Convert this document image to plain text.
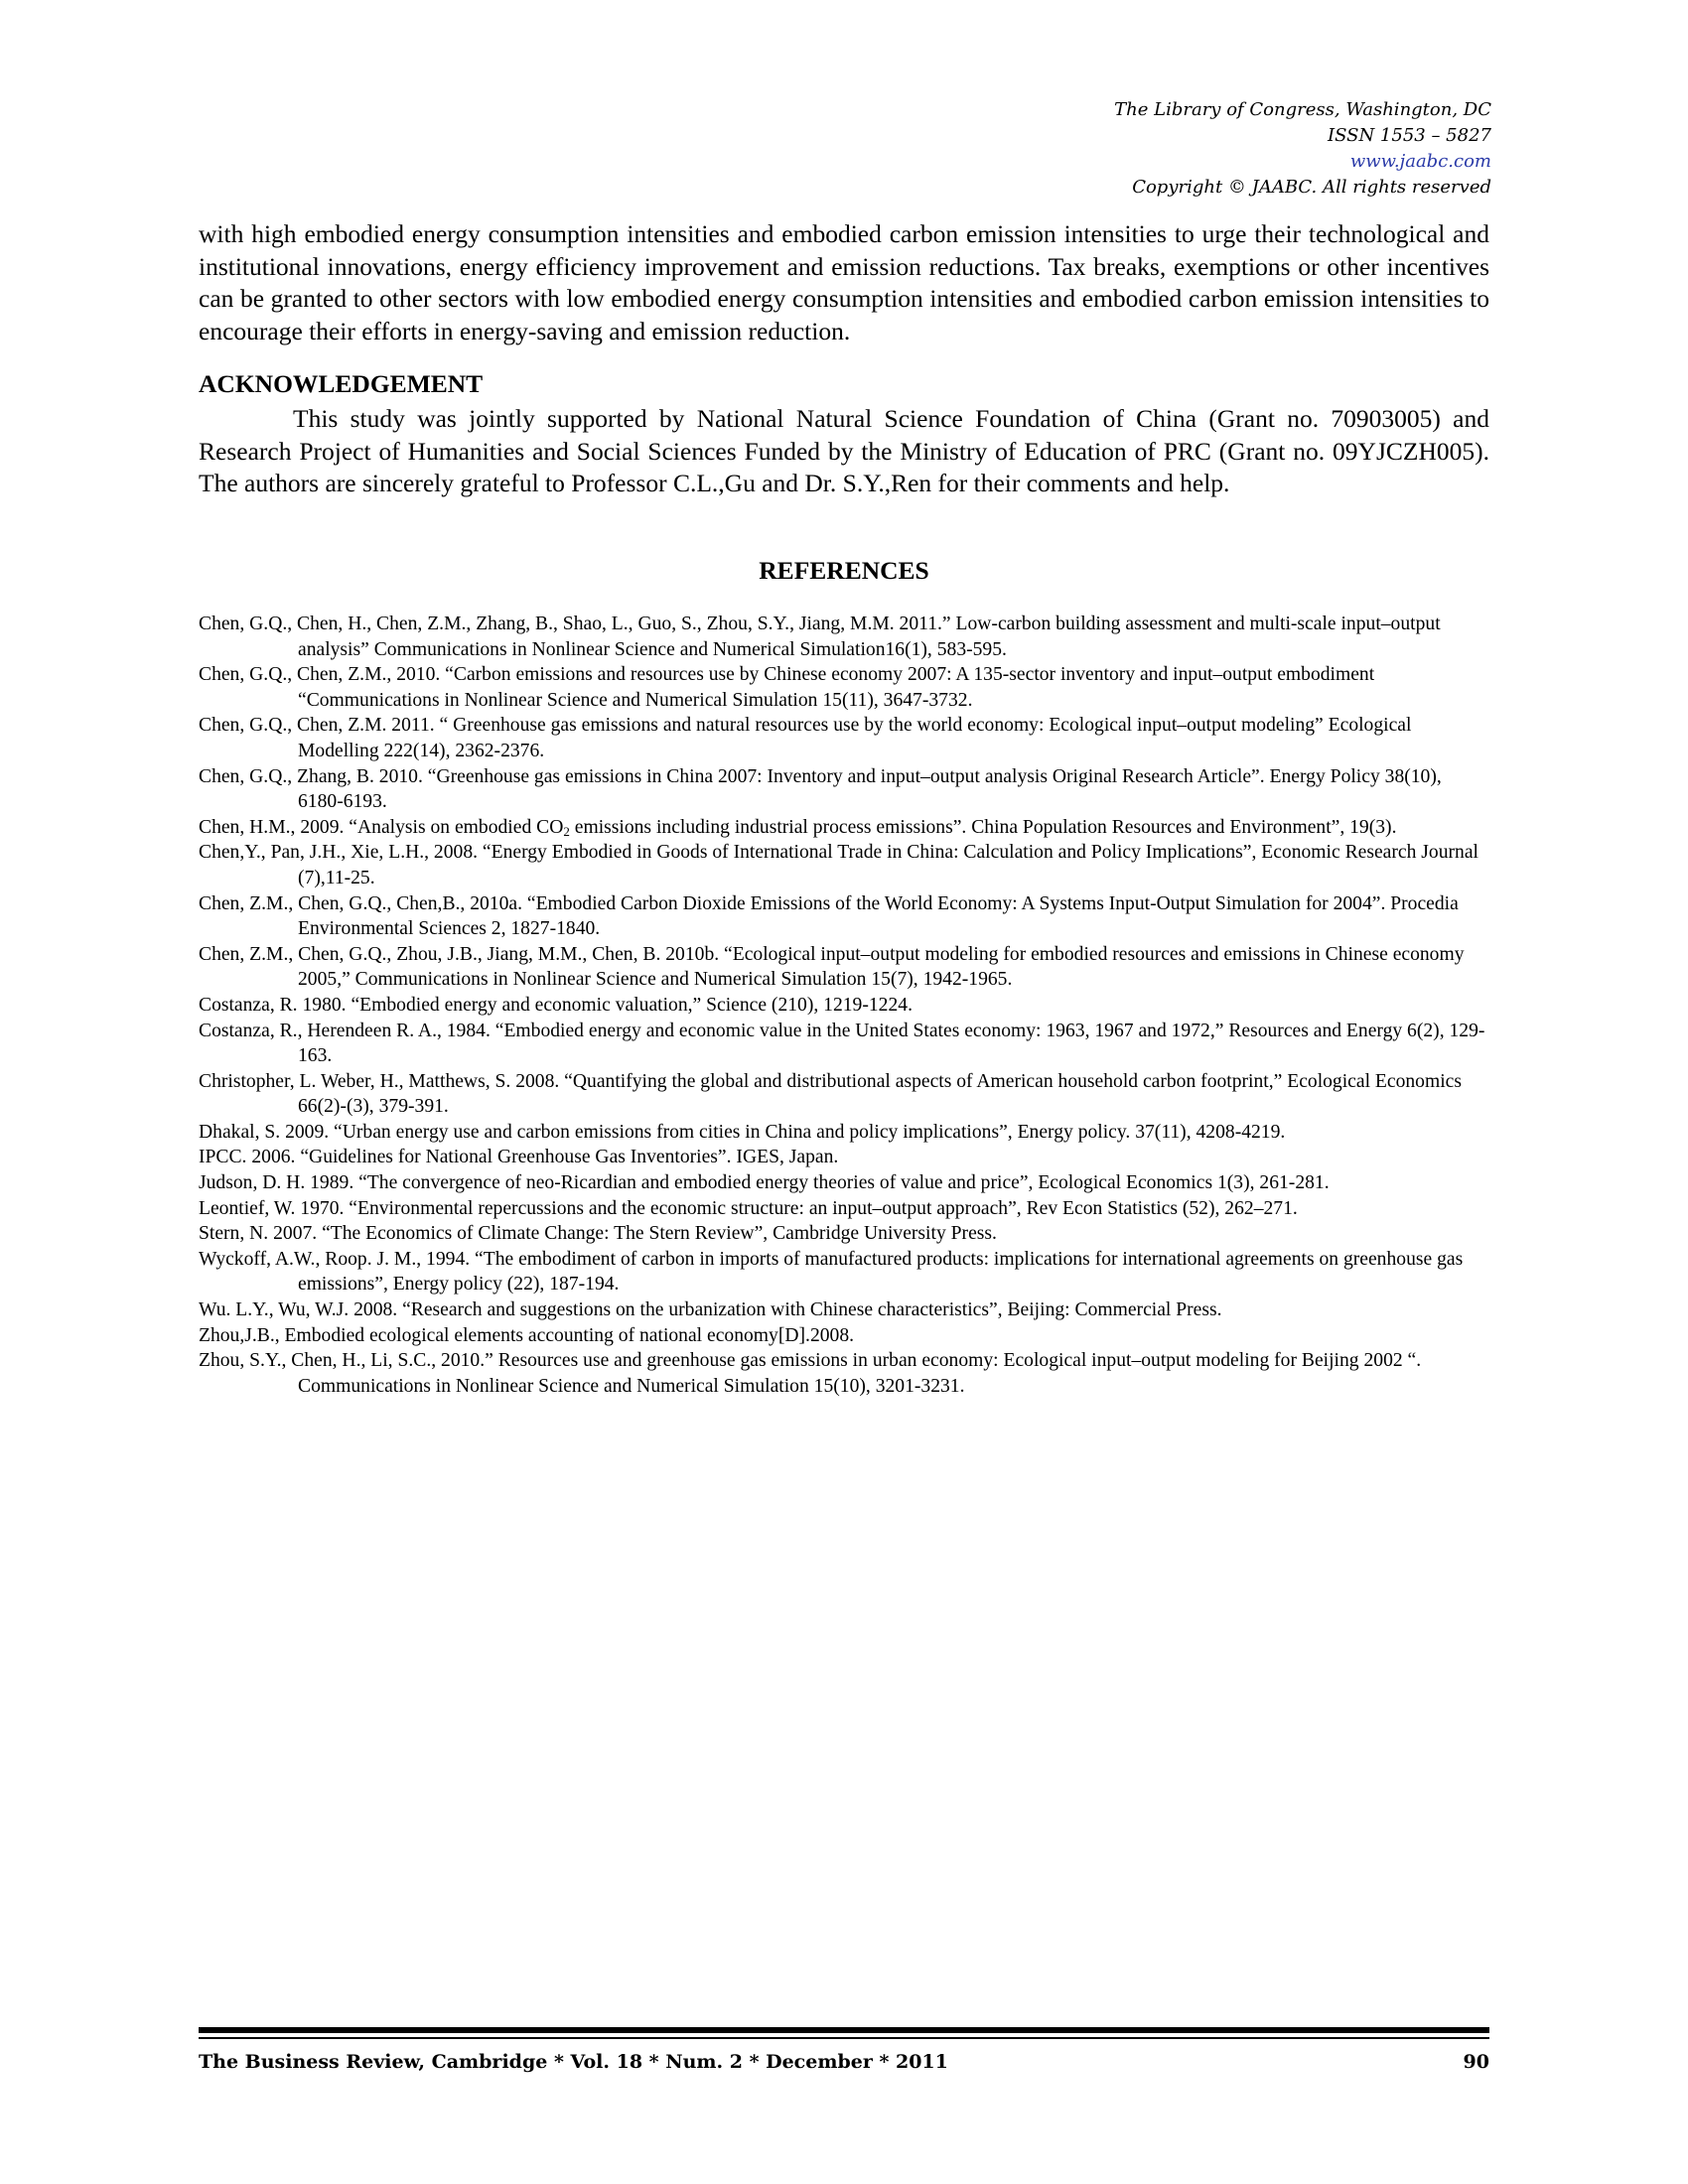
The Library of Congress, Washington, DC
ISSN 1553 – 5827
www.jaabc.com
Copyright © JAABC. All rights reserved
with high embodied energy consumption intensities and embodied carbon emission intensities to urge their technological and institutional innovations, energy efficiency improvement and emission reductions. Tax breaks, exemptions or other incentives can be granted to other sectors with low embodied energy consumption intensities and embodied carbon emission intensities to encourage their efforts in energy-saving and emission reduction.
ACKNOWLEDGEMENT
This study was jointly supported by National Natural Science Foundation of China (Grant no. 70903005) and Research Project of Humanities and Social Sciences Funded by the Ministry of Education of PRC (Grant no. 09YJCZH005). The authors are sincerely grateful to Professor C.L.,Gu and Dr. S.Y.,Ren for their comments and help.
REFERENCES
Chen, G.Q., Chen, H., Chen, Z.M., Zhang, B., Shao, L., Guo, S., Zhou, S.Y., Jiang, M.M. 2011.” Low-carbon building assessment and multi-scale input–output analysis” Communications in Nonlinear Science and Numerical Simulation16(1), 583-595.
Chen, G.Q., Chen, Z.M., 2010. “Carbon emissions and resources use by Chinese economy 2007: A 135-sector inventory and input–output embodiment “Communications in Nonlinear Science and Numerical Simulation 15(11), 3647-3732.
Chen, G.Q., Chen, Z.M. 2011. “ Greenhouse gas emissions and natural resources use by the world economy: Ecological input–output modeling” Ecological Modelling 222(14), 2362-2376.
Chen, G.Q., Zhang, B. 2010. “Greenhouse gas emissions in China 2007: Inventory and input–output analysis Original Research Article”. Energy Policy 38(10), 6180-6193.
Chen, H.M., 2009. “Analysis on embodied $CO_2$ emissions including industrial process emissions”. China Population Resources and Environment”, 19(3).
Chen,Y., Pan, J.H., Xie, L.H., 2008. “Energy Embodied in Goods of International Trade in China: Calculation and Policy Implications”, Economic Research Journal (7),11-25.
Chen, Z.M., Chen, G.Q., Chen,B., 2010a. “Embodied Carbon Dioxide Emissions of the World Economy: A Systems Input-Output Simulation for 2004”. Procedia Environmental Sciences 2, 1827-1840.
Chen, Z.M., Chen, G.Q., Zhou, J.B., Jiang, M.M., Chen, B. 2010b. “Ecological input–output modeling for embodied resources and emissions in Chinese economy 2005,” Communications in Nonlinear Science and Numerical Simulation 15(7), 1942-1965.
Costanza, R. 1980. “Embodied energy and economic valuation,” Science (210), 1219-1224.
Costanza, R., Herendeen R. A., 1984. “Embodied energy and economic value in the United States economy: 1963, 1967 and 1972,” Resources and Energy 6(2), 129-163.
Christopher, L. Weber, H., Matthews, S. 2008. “Quantifying the global and distributional aspects of American household carbon footprint,” Ecological Economics 66(2)-(3), 379-391.
Dhakal, S. 2009. “Urban energy use and carbon emissions from cities in China and policy implications”, Energy policy. 37(11), 4208-4219.
IPCC. 2006. “Guidelines for National Greenhouse Gas Inventories”. IGES, Japan.
Judson, D. H. 1989. “The convergence of neo-Ricardian and embodied energy theories of value and price”, Ecological Economics 1(3), 261-281.
Leontief, W. 1970. “Environmental repercussions and the economic structure: an input–output approach”, Rev Econ Statistics (52), 262–271.
Stern, N. 2007. “The Economics of Climate Change: The Stern Review”, Cambridge University Press.
Wyckoff, A.W., Roop. J. M., 1994. “The embodiment of carbon in imports of manufactured products: implications for international agreements on greenhouse gas emissions”, Energy policy (22), 187-194.
Wu. L.Y., Wu, W.J. 2008. “Research and suggestions on the urbanization with Chinese characteristics”, Beijing: Commercial Press.
Zhou,J.B., Embodied ecological elements accounting of national economy[D].2008.
Zhou, S.Y., Chen, H., Li, S.C., 2010.” Resources use and greenhouse gas emissions in urban economy: Ecological input–output modeling for Beijing 2002 “. Communications in Nonlinear Science and Numerical Simulation 15(10), 3201-3231.
The Business Review, Cambridge * Vol. 18 * Num. 2 * December * 2011	90
